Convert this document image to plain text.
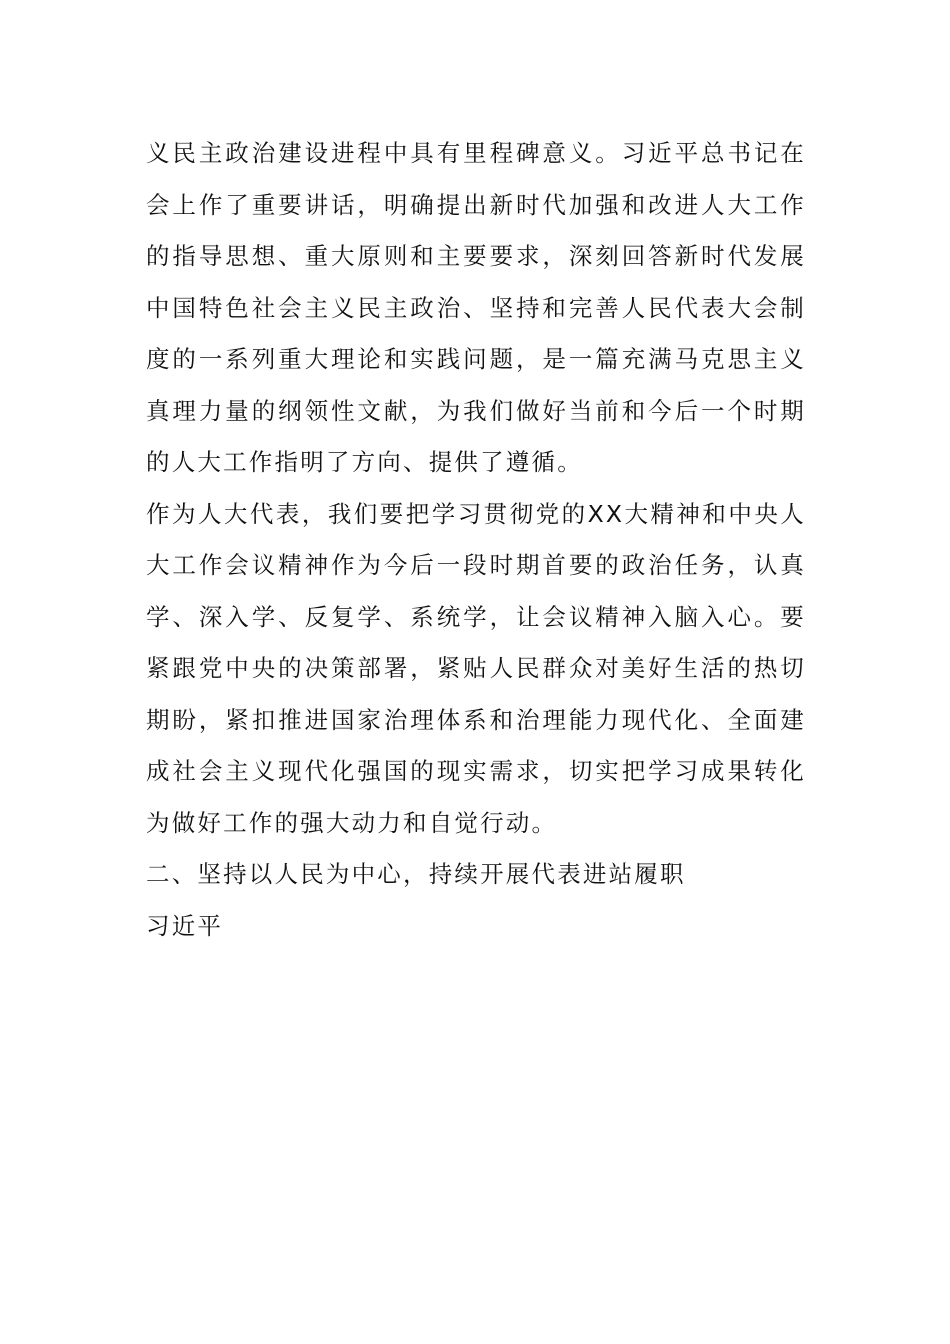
义民主政治建设进程中具有里程碑意义。习近平总书记在
会上作了重要讲话，明确提出新时代加强和改进人大工作
的指导思想、重大原则和主要要求，深刻回答新时代发展
中国特色社会主义民主政治、坚持和完善人民代表大会制
度的一系列重大理论和实践问题，是一篇充满马克思主义
真理力量的纲领性文献，为我们做好当前和今后一个时期
的人大工作指明了方向、提供了遵循。
作为人大代表，我们要把学习贯彻党的XX大精神和中央人
大工作会议精神作为今后一段时期首要的政治任务，认真
学、深入学、反复学、系统学，让会议精神入脑入心。要
紧跟党中央的决策部署，紧贴人民群众对美好生活的热切
期盼，紧扣推进国家治理体系和治理能力现代化、全面建
成社会主义现代化强国的现实需求，切实把学习成果转化
为做好工作的强大动力和自觉行动。
二、坚持以人民为中心，持续开展代表进站履职
习近平
